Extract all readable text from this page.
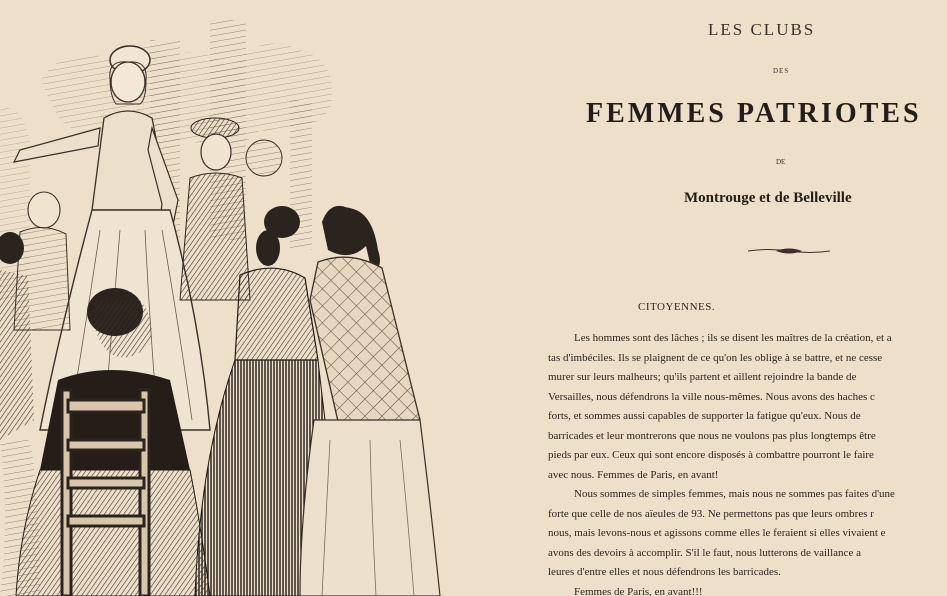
LES CLUBS
DES
FEMMES PATRIOTES
DE
Montrouge et de Belleville
CITOYENNES.
Les hommes sont des lâches ; ils se disent les maîtres de la création, et a
tas d'imbéciles. Ils se plaignent de ce qu'on les oblige à se battre, et ne cesse
murer sur leurs malheurs; qu'ils partent et aillent rejoindre la bande de
Versailles, nous défendrons la ville nous-mêmes. Nous avons des haches c
forts, et sommes aussi capables de supporter la fatigue qu'eux. Nous de
barricades et leur montrerons que nous ne voulons pas plus longtemps être
pieds par eux. Ceux qui sont encore disposés à combattre pourront le faire
avec nous. Femmes de Paris, en avant!
Nous sommes de simples femmes, mais nous ne sommes pas faites d'une
forte que celle de nos aïeules de 93. Ne permettons pas que leurs ombres r
nous, mais levons-nous et agissons comme elles le feraient si elles vivaient e
avons des devoirs à accomplir. S'il le faut, nous lutterons de vaillance a
leures d'entre elles et nous défendrons les barricades.
Femmes de Paris, en avant!!!
